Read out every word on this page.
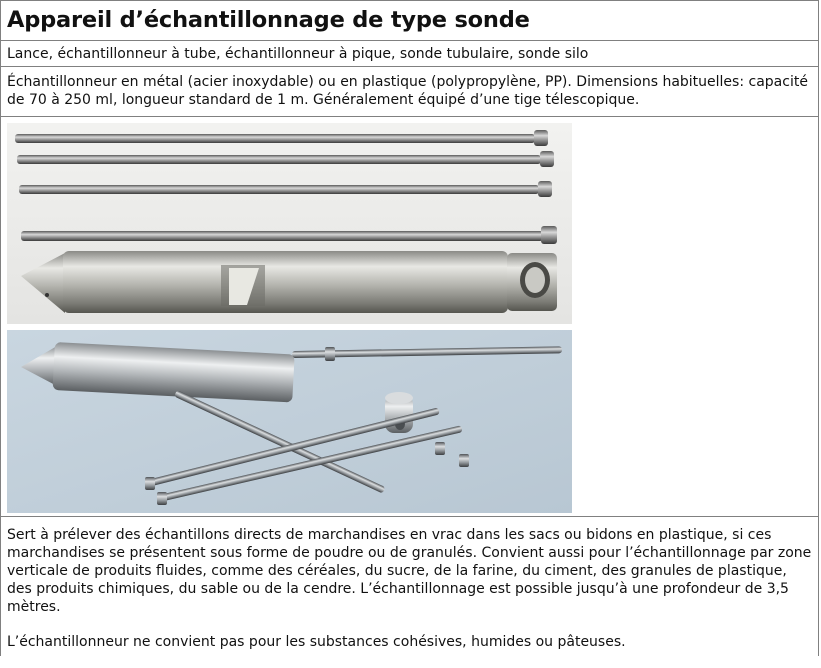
Appareil d’échantillonnage de type sonde
Lance, échantillonneur à tube, échantillonneur à pique, sonde tubulaire, sonde silo
Échantillonneur en métal (acier inoxydable) ou en plastique (polypropylène, PP). Dimensions habituelles: capacité de 70 à 250 ml, longueur standard de 1 m. Généralement équipé d’une tige télescopique.

Sert à prélever des échantillons directs de marchandises en vrac dans les sacs ou bidons en plastique, si ces marchandises se présentent sous forme de poudre ou de granulés. Convient aussi pour l’échantillonnage par zone verticale de produits fluides, comme des céréales, du sucre, de la farine, du ciment, des granules de plastique, des produits chimiques, du sable ou de la cendre. L’échantillonnage est possible jusqu’à une profondeur de 3,5 mètres.

L’échantillonneur ne convient pas pour les substances cohésives, humides ou pâteuses.
